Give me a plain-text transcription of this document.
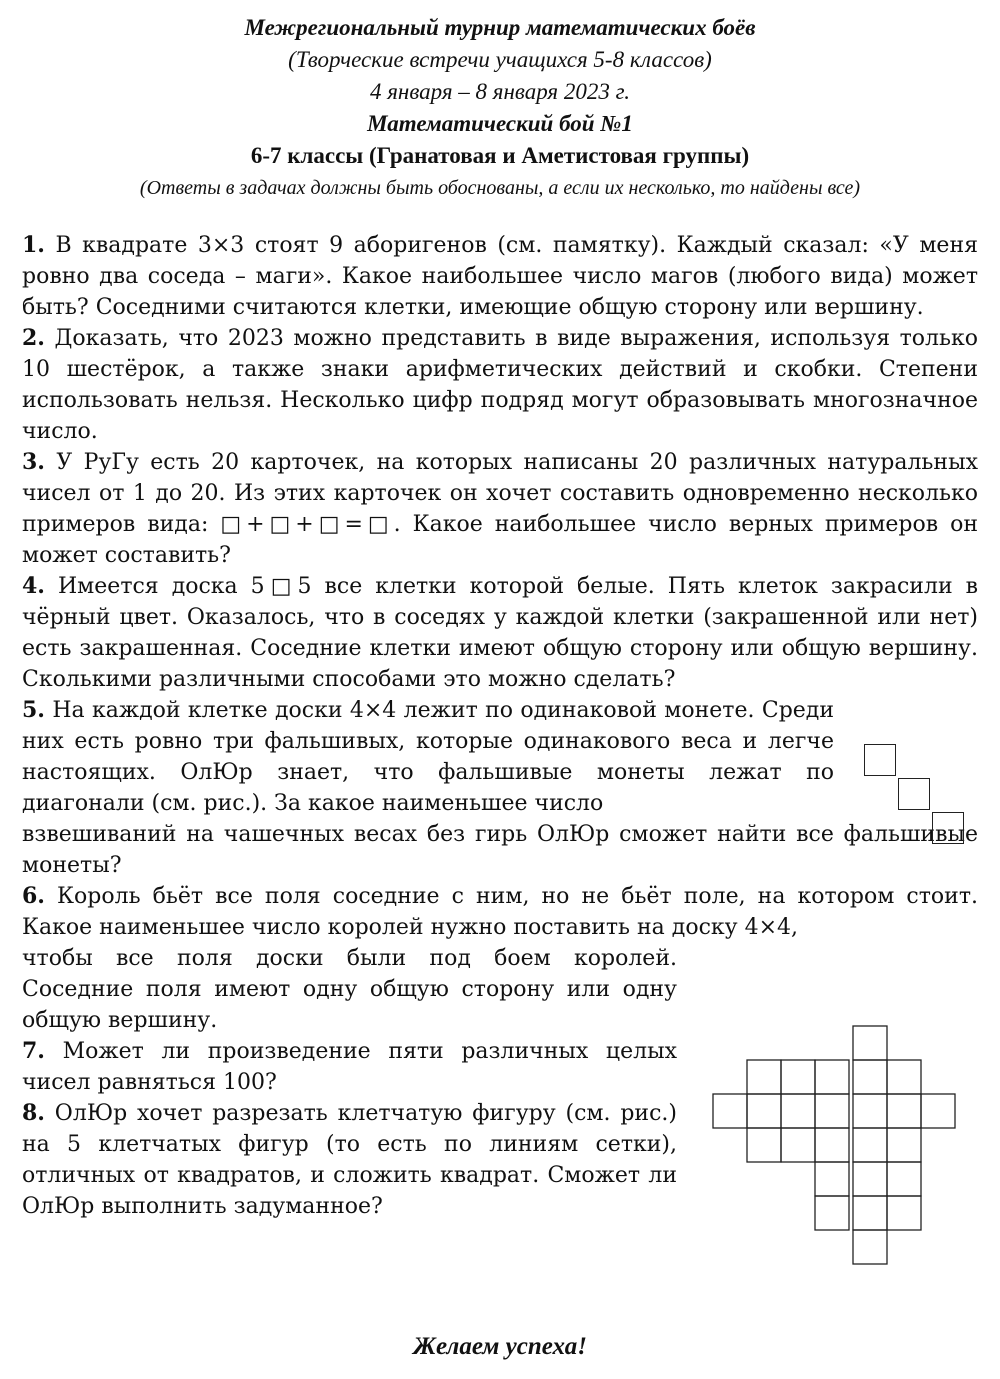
Межрегиональный турнир математических боёв
(Творческие встречи учащихся 5-8 классов)
4 января – 8 января 2023 г.
Математический бой №1
6-7 классы (Гранатовая и Аметистовая группы)
(Ответы в задачах должны быть обоснованы, а если их несколько, то найдены все)

1. В квадрате 3×3 стоят 9 аборигенов (см. памятку). Каждый сказал: «У меня ровно два соседа – маги». Какое наибольшее число магов (любого вида) может быть? Соседними считаются клетки, имеющие общую сторону или вершину.

2. Доказать, что 2023 можно представить в виде выражения, используя только 10 шестёрок, а также знаки арифметических действий и скобки. Степени использовать нельзя. Несколько цифр подряд могут образовывать многозначное число.

3. У РуГу есть 20 карточек, на которых написаны 20 различных натуральных чисел от 1 до 20. Из этих карточек он хочет составить одновременно несколько примеров вида: □+□+□=□. Какое наибольшее число верных примеров он может составить?

4. Имеется доска 5□5 все клетки которой белые. Пять клеток закрасили в чёрный цвет. Оказалось, что в соседях у каждой клетки (закрашенной или нет) есть закрашенная. Соседние клетки имеют общую сторону или общую вершину. Сколькими различными способами это можно сделать?

5. На каждой клетке доски 4×4 лежит по одинаковой монете. Среди них есть ровно три фальшивых, которые одинакового веса и легче настоящих. ОлЮр знает, что фальшивые монеты лежат по диагонали (см. рис.). За какое наименьшее число

взвешиваний на чашечных весах без гирь ОлЮр сможет найти все фальшивые монеты?

6. Король бьёт все поля соседние с ним, но не бьёт поле, на котором стоит. Какое наименьшее число королей нужно поставить на доску 4×4,

чтобы все поля доски были под боем королей. Соседние поля имеют одну общую сторону или одну общую вершину.

7. Может ли произведение пяти различных целых чисел равняться 100?

8. ОлЮр хочет разрезать клетчатую фигуру (см. рис.) на 5 клетчатых фигур (то есть по линиям сетки), отличных от квадратов, и сложить квадрат. Сможет ли ОлЮр выполнить задуманное?

Желаем успеха!
